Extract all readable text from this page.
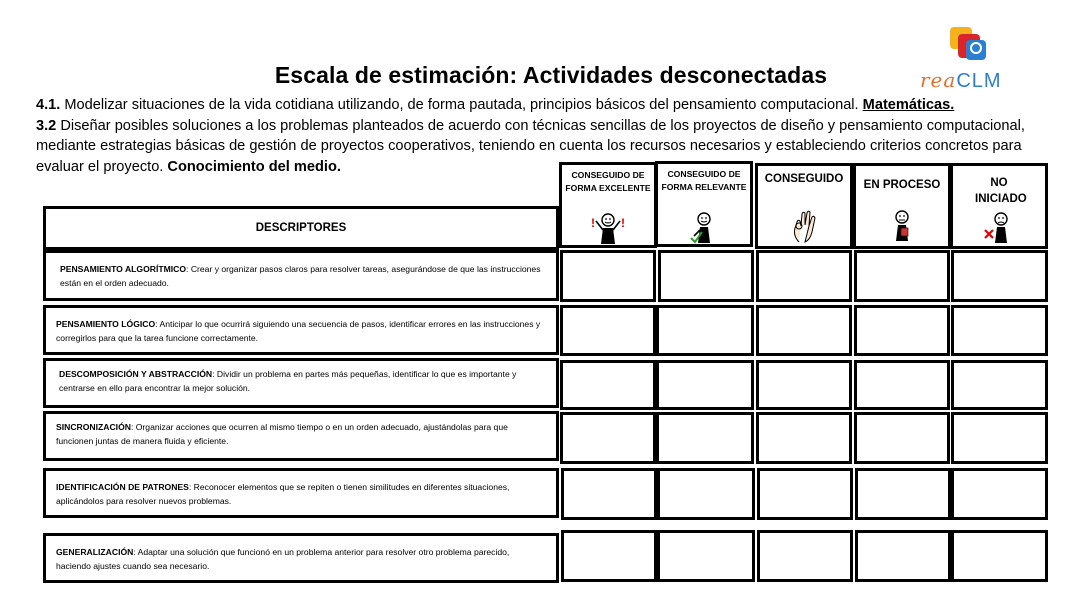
reaCLM
Escala de estimación: Actividades desconectadas
4.1. Modelizar situaciones de la vida cotidiana utilizando, de forma pautada, principios básicos del pensamiento computacional. Matemáticas.
3.2 Diseñar posibles soluciones a los problemas planteados de acuerdo con técnicas sencillas de los proyectos de diseño y pensamiento computacional, mediante estrategias básicas de gestión de proyectos cooperativos, teniendo en cuenta los recursos necesarios y estableciendo criterios concretos para evaluar el proyecto. Conocimiento del medio.
DESCRIPTORES
CONSEGUIDO DE FORMA EXCELENTE
! !
CONSEGUIDO DE FORMA RELEVANTE
CONSEGUIDO	EN PROCESO	NO INICIADO
PENSAMIENTO ALGORÍTMICO: Crear y organizar pasos claros para resolver tareas, asegurándose de que las instrucciones están en el orden adecuado.
PENSAMIENTO LÓGICO: Anticipar lo que ocurrirá siguiendo una secuencia de pasos, identificar errores en las instrucciones y corregirlos para que la tarea funcione correctamente.
DESCOMPOSICIÓN Y ABSTRACCIÓN: Dividir un problema en partes más pequeñas, identificar lo que es importante y centrarse en ello para encontrar la mejor solución.
SINCRONIZACIÓN: Organizar acciones que ocurren al mismo tiempo o en un orden adecuado, ajustándolas para que funcionen juntas de manera fluida y eficiente.
IDENTIFICACIÓN DE PATRONES: Reconocer elementos que se repiten o tienen similitudes en diferentes situaciones, aplicándolos para resolver nuevos problemas.
GENERALIZACIÓN: Adaptar una solución que funcionó en un problema anterior para resolver otro problema parecido, haciendo ajustes cuando sea necesario.
